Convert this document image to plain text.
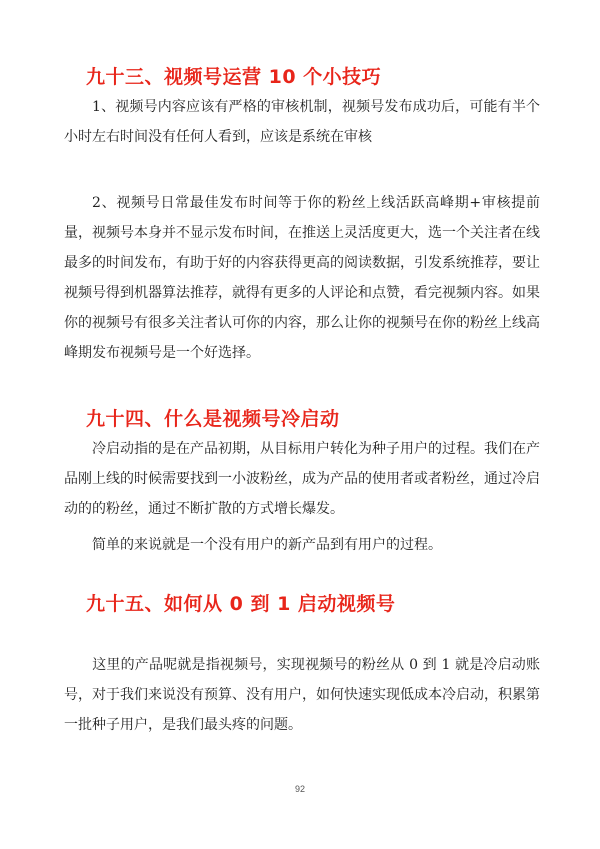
九十三、视频号运营 10 个小技巧

1、视频号内容应该有严格的审核机制，视频号发布成功后，可能有半个小时左右时间没有任何人看到，应该是系统在审核

2、视频号日常最佳发布时间等于你的粉丝上线活跃高峰期+审核提前量，视频号本身并不显示发布时间，在推送上灵活度更大，选一个关注者在线最多的时间发布，有助于好的内容获得更高的阅读数据，引发系统推荐，要让视频号得到机器算法推荐，就得有更多的人评论和点赞，看完视频内容。如果你的视频号有很多关注者认可你的内容，那么让你的视频号在你的粉丝上线高峰期发布视频号是一个好选择。

九十四、什么是视频号冷启动

冷启动指的是在产品初期，从目标用户转化为种子用户的过程。我们在产品刚上线的时候需要找到一小波粉丝，成为产品的使用者或者粉丝，通过冷启动的的粉丝，通过不断扩散的方式增长爆发。

简单的来说就是一个没有用户的新产品到有用户的过程。

九十五、如何从 0 到 1 启动视频号

这里的产品呢就是指视频号，实现视频号的粉丝从 0 到 1 就是冷启动账号，对于我们来说没有预算、没有用户，如何快速实现低成本冷启动，积累第一批种子用户，是我们最头疼的问题。

92
